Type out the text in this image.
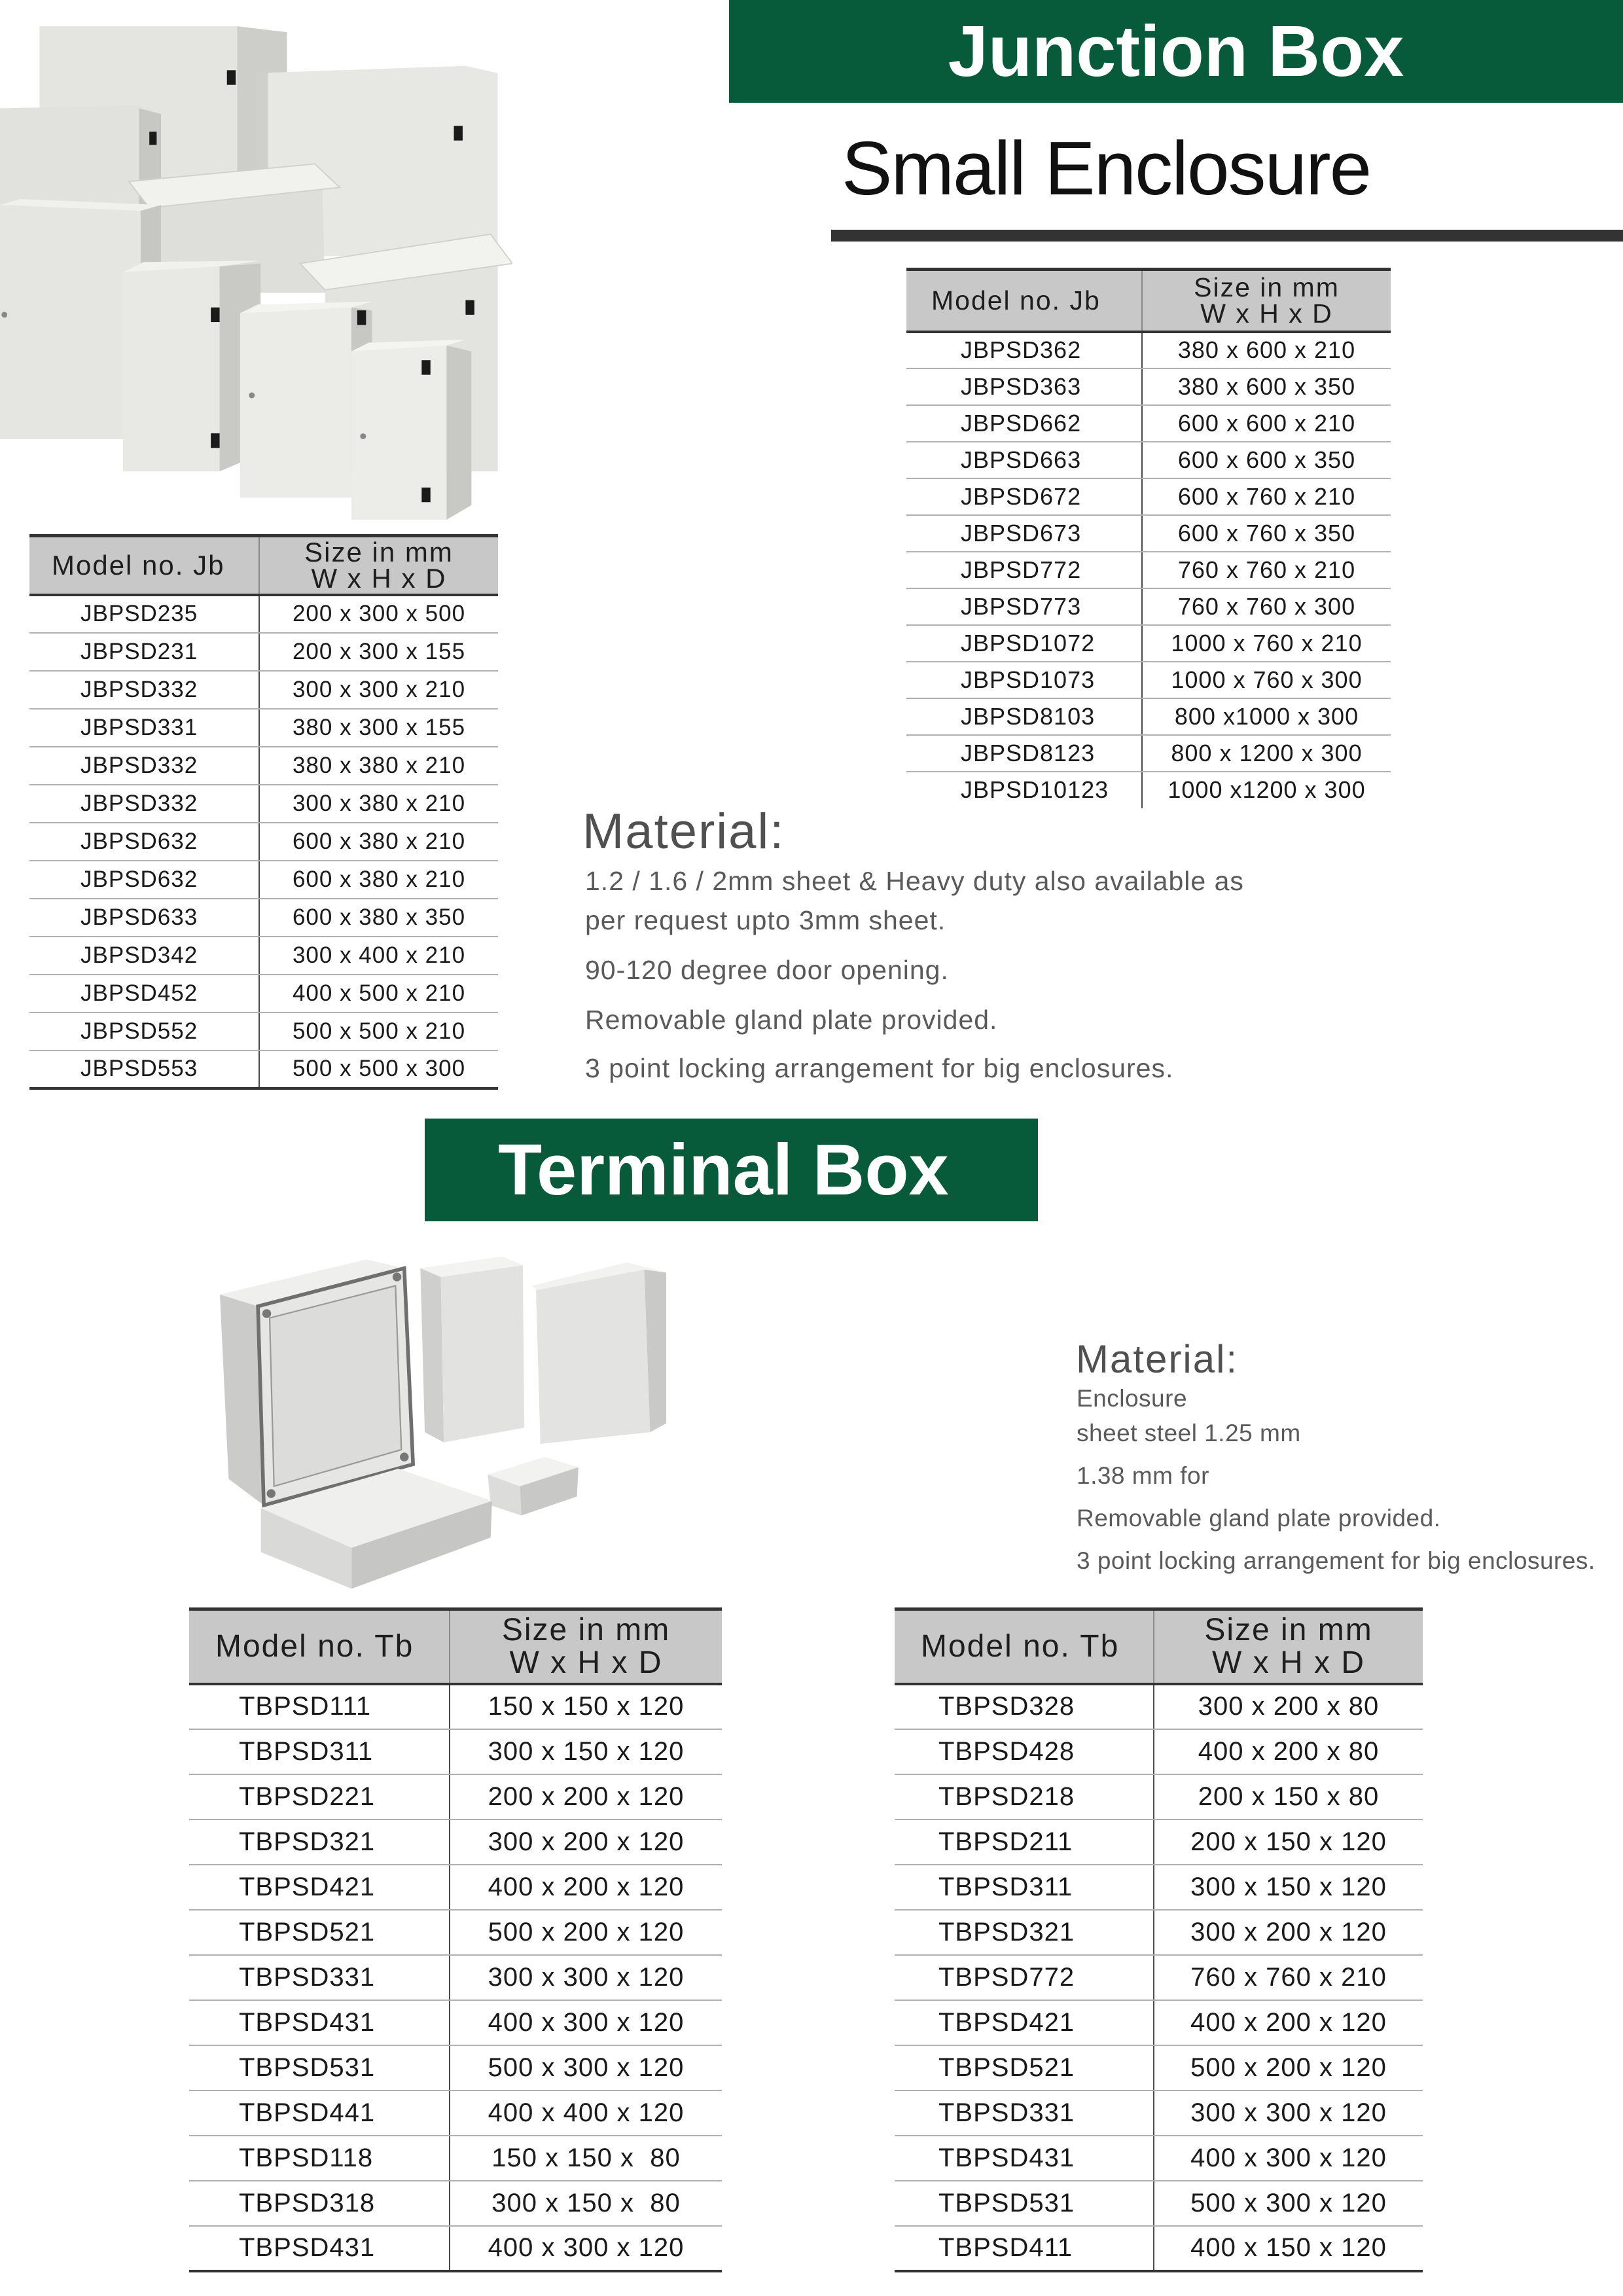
Junction Box
Small Enclosure
Model no. Jb	Size in mm
W x H x D

JBPSD362	380 x 600 x 210
JBPSD363	380 x 600 x 350
JBPSD662	600 x 600 x 210
JBPSD663	600 x 600 x 350
JBPSD672	600 x 760 x 210
JBPSD673	600 x 760 x 350
JBPSD772	760 x 760 x 210
JBPSD773	760 x 760 x 300
JBPSD1072	1000 x 760 x 210
JBPSD1073	1000 x 760 x 300
JBPSD8103	800 x1000 x 300
JBPSD8123	800 x 1200 x 300
JBPSD10123	1000 x1200 x 300
Model no. Jb	Size in mm
W x H x D

JBPSD235	200 x 300 x 500
JBPSD231	200 x 300 x 155
JBPSD332	300 x 300 x 210
JBPSD331	380 x 300 x 155
JBPSD332	380 x 380 x 210
JBPSD332	300 x 380 x 210
JBPSD632	600 x 380 x 210
JBPSD632	600 x 380 x 210
JBPSD633	600 x 380 x 350
JBPSD342	300 x 400 x 210
JBPSD452	400 x 500 x 210
JBPSD552	500 x 500 x 210
JBPSD553	500 x 500 x 300
Material:
1.2 / 1.6 / 2mm sheet & Heavy duty also available as
per request upto 3mm sheet.
90-120 degree door opening.
Removable gland plate provided.
3 point locking arrangement for big enclosures.
Terminal Box
Material:
Enclosure
sheet steel 1.25 mm
1.38 mm for
Removable gland plate provided.
3 point locking arrangement for big enclosures.
Model no. Tb	Size in mm
W x H x D

TBPSD111	150 x 150 x 120
TBPSD311	300 x 150 x 120
TBPSD221	200 x 200 x 120
TBPSD321	300 x 200 x 120
TBPSD421	400 x 200 x 120
TBPSD521	500 x 200 x 120
TBPSD331	300 x 300 x 120
TBPSD431	400 x 300 x 120
TBPSD531	500 x 300 x 120
TBPSD441	400 x 400 x 120
TBPSD118	150 x 150 x  80
TBPSD318	300 x 150 x  80
TBPSD431	400 x 300 x 120
Model no. Tb	Size in mm
W x H x D

TBPSD328	300 x 200 x 80
TBPSD428	400 x 200 x 80
TBPSD218	200 x 150 x 80
TBPSD211	200 x 150 x 120
TBPSD311	300 x 150 x 120
TBPSD321	300 x 200 x 120
TBPSD772	760 x 760 x 210
TBPSD421	400 x 200 x 120
TBPSD521	500 x 200 x 120
TBPSD331	300 x 300 x 120
TBPSD431	400 x 300 x 120
TBPSD531	500 x 300 x 120
TBPSD411	400 x 150 x 120
